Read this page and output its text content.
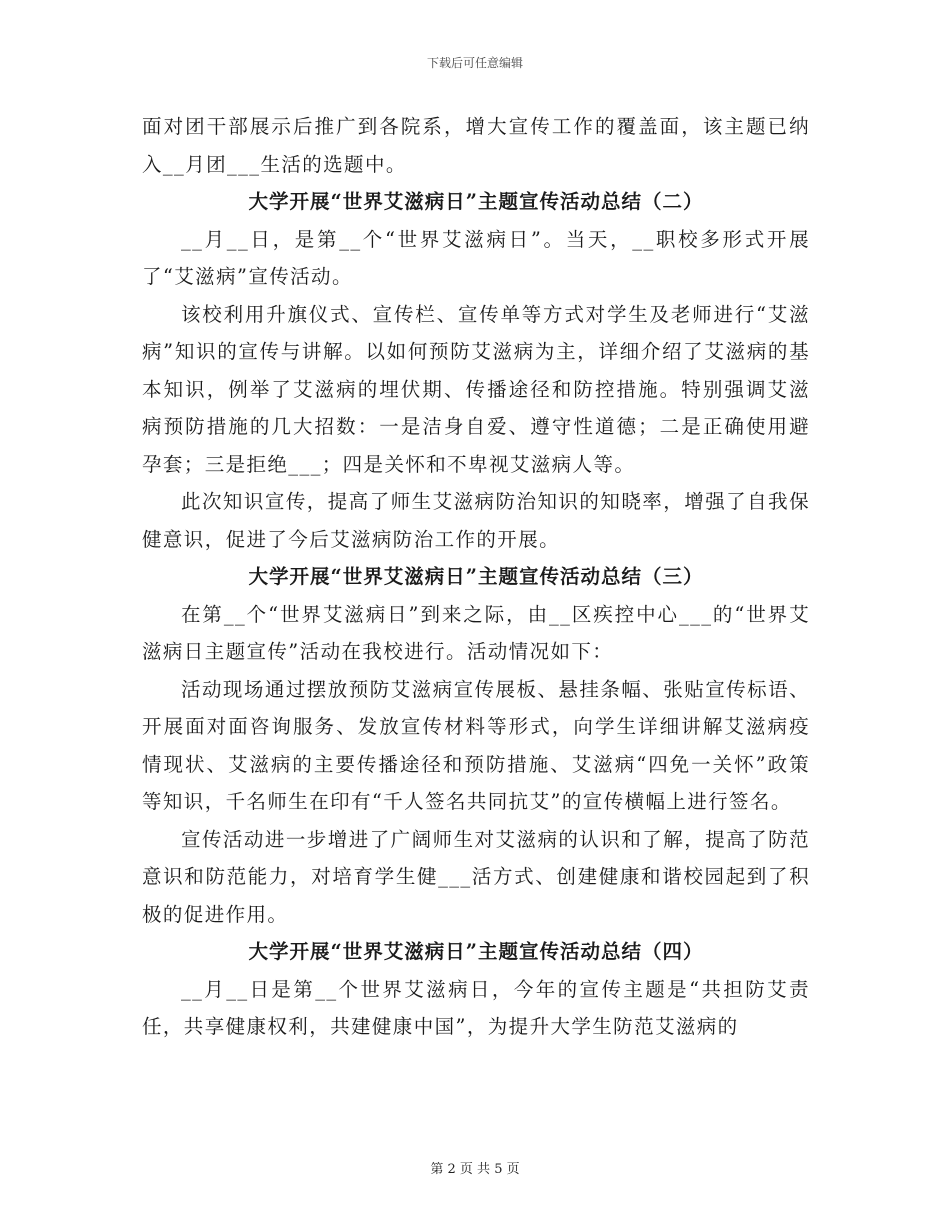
下载后可任意编辑

面对团干部展示后推广到各院系，增大宣传工作的覆盖面，该主题已纳入__月团___生活的选题中。

大学开展“世界艾滋病日”主题宣传活动总结（二）

__月__日，是第__个“世界艾滋病日”。当天，__职校多形式开展了“艾滋病”宣传活动。

该校利用升旗仪式、宣传栏、宣传单等方式对学生及老师进行“艾滋病”知识的宣传与讲解。以如何预防艾滋病为主，详细介绍了艾滋病的基本知识，例举了艾滋病的埋伏期、传播途径和防控措施。特别强调艾滋病预防措施的几大招数：一是洁身自爱、遵守性道德；二是正确使用避孕套；三是拒绝___；四是关怀和不卑视艾滋病人等。

此次知识宣传，提高了师生艾滋病防治知识的知晓率，增强了自我保健意识，促进了今后艾滋病防治工作的开展。

大学开展“世界艾滋病日”主题宣传活动总结（三）

在第__个“世界艾滋病日”到来之际，由__区疾控中心___的“世界艾滋病日主题宣传”活动在我校进行。活动情况如下：

活动现场通过摆放预防艾滋病宣传展板、悬挂条幅、张贴宣传标语、开展面对面咨询服务、发放宣传材料等形式，向学生详细讲解艾滋病疫情现状、艾滋病的主要传播途径和预防措施、艾滋病“四免一关怀”政策等知识，千名师生在印有“千人签名共同抗艾”的宣传横幅上进行签名。

宣传活动进一步增进了广阔师生对艾滋病的认识和了解，提高了防范意识和防范能力，对培育学生健___活方式、创建健康和谐校园起到了积极的促进作用。

大学开展“世界艾滋病日”主题宣传活动总结（四）

__月__日是第__个世界艾滋病日，今年的宣传主题是“共担防艾责任，共享健康权利，共建健康中国”，为提升大学生防范艾滋病的

第 2 页 共 5 页
